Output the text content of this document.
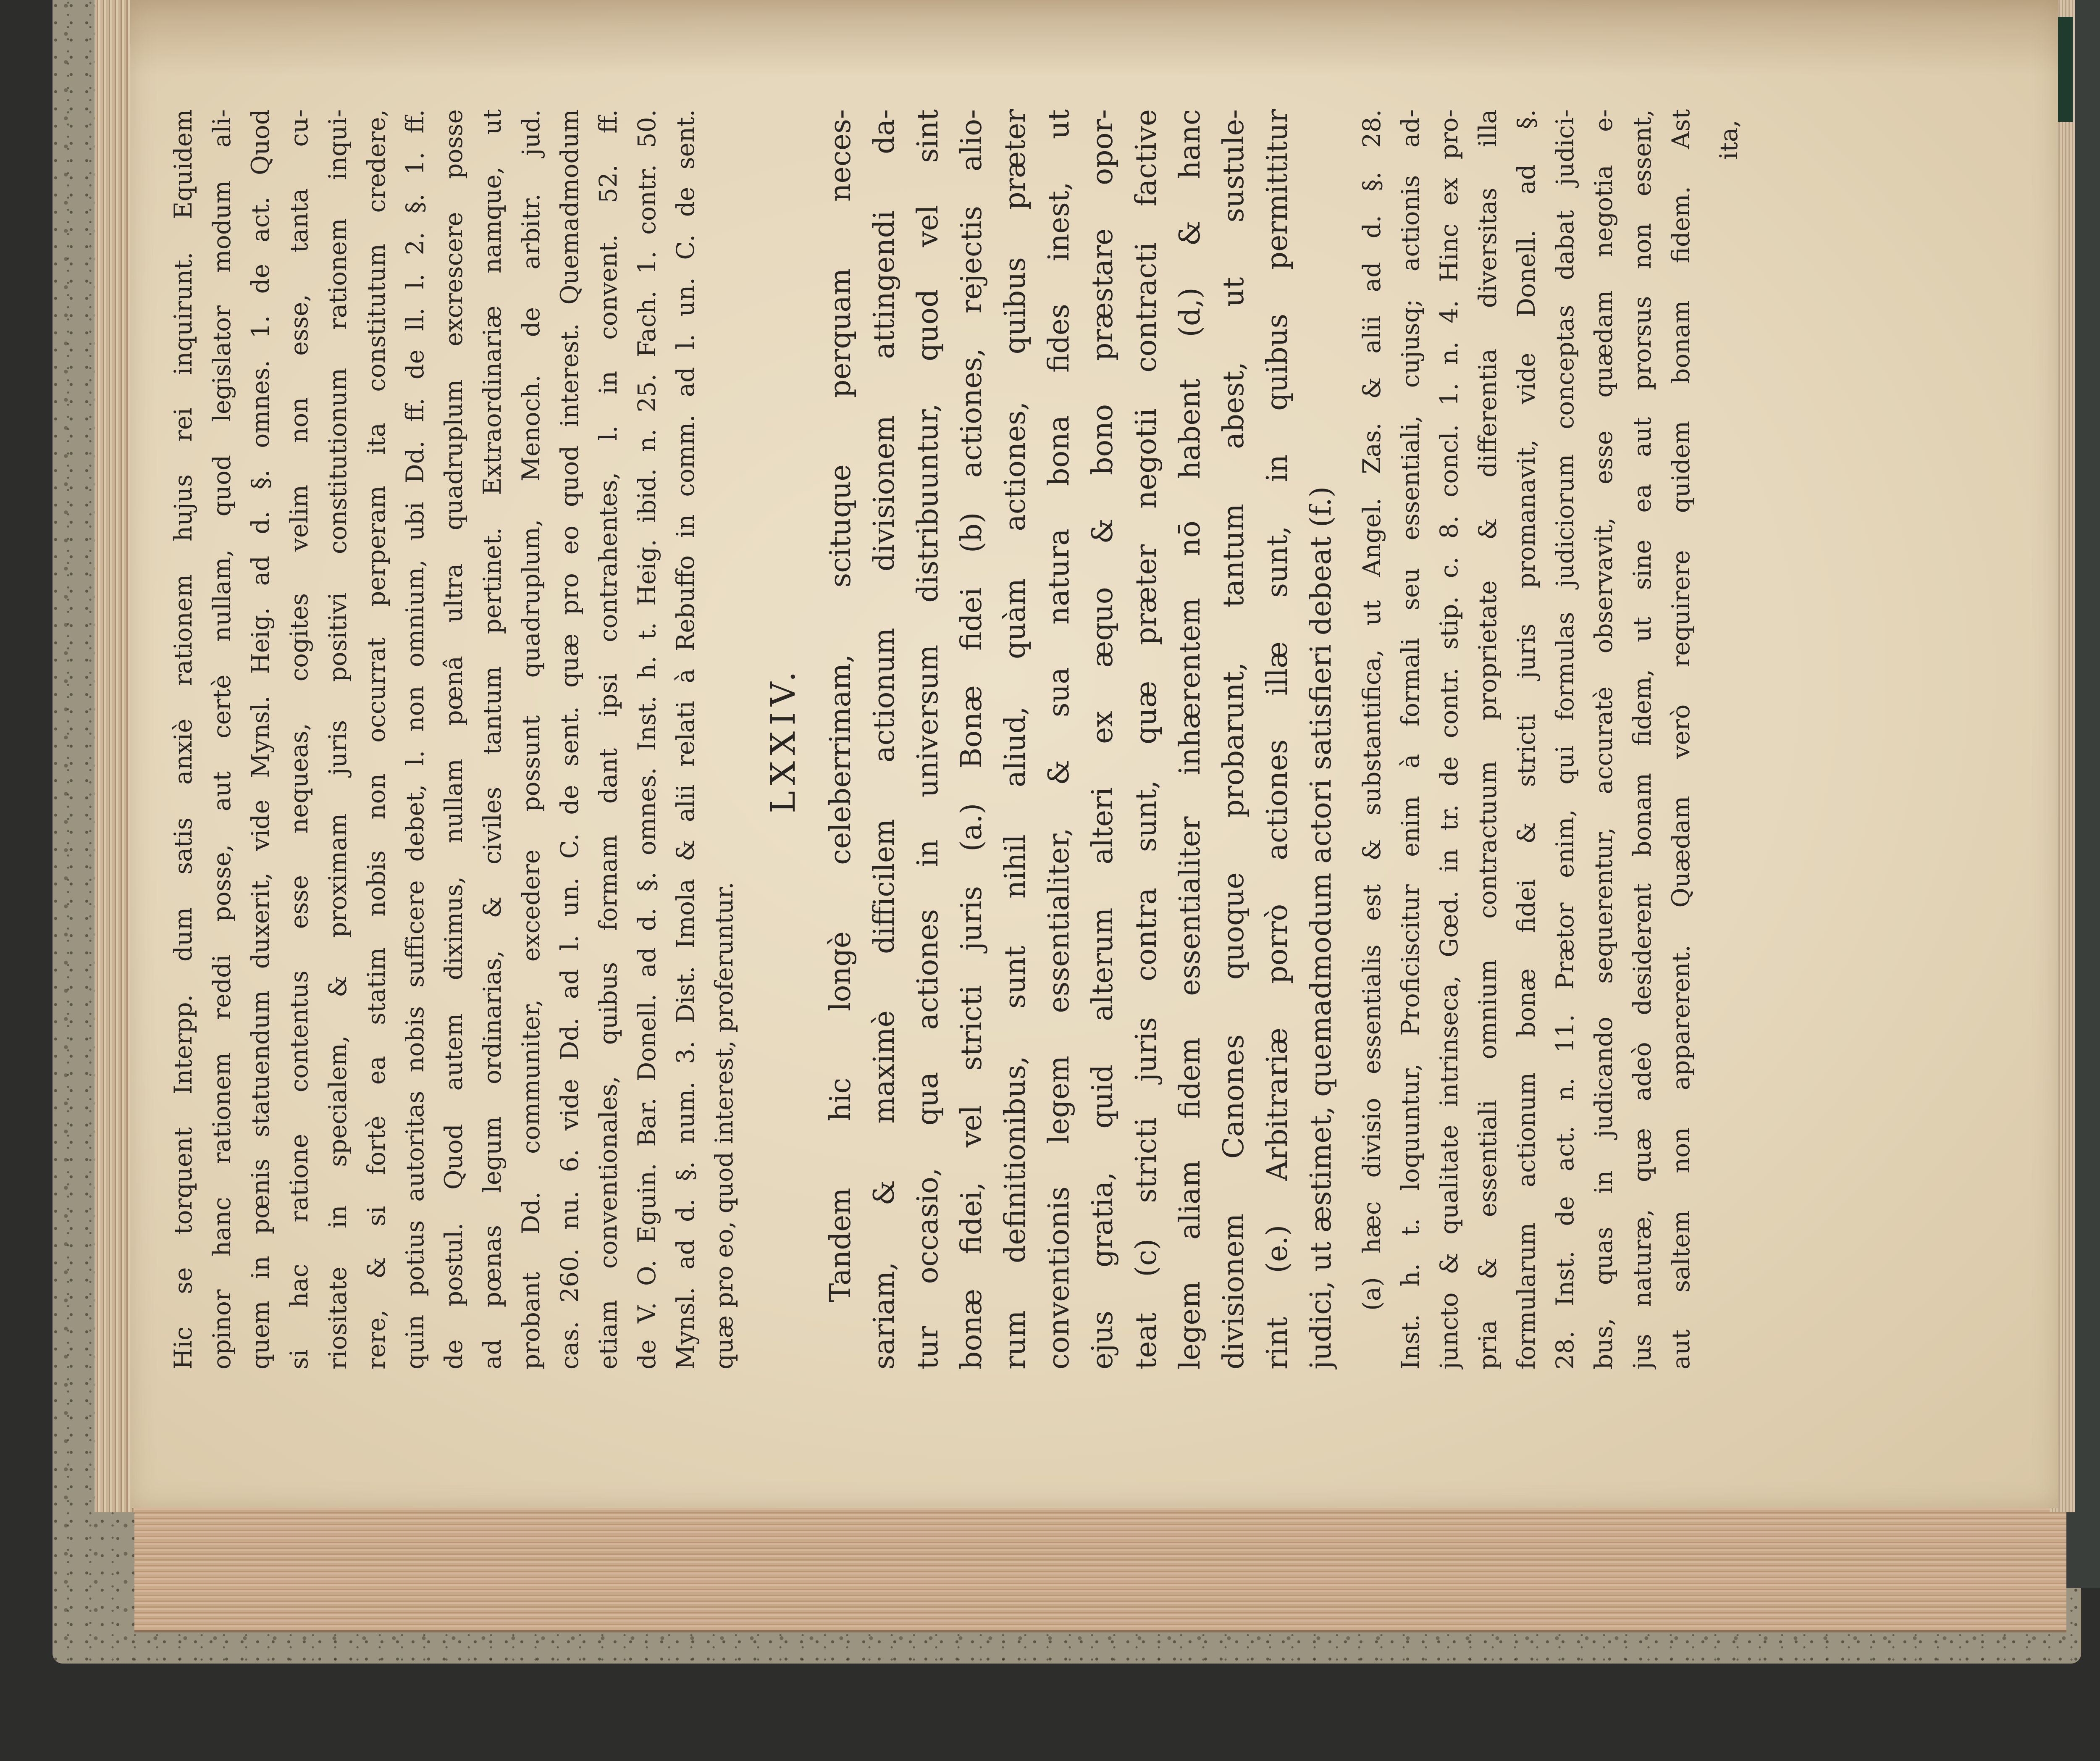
Hic se torquent Interpp. dum satis anxiè rationem hujus rei inquirunt. Equidem opinor hanc rationem reddi posse, aut certè nullam, quod legislator modum ali- quem in pœnis statuendum duxerit, vide Mynsl. Heig. ad d. §. omnes. 1. de act. Quod si hac ratione contentus esse nequeas, cogites velim non esse, tanta cu- riositate in specialem, & proximam juris positivi constitutionum rationem inqui- rere, & si fortè ea statim nobis non occurrat perperam ita constitutum credere, quin potius autoritas nobis sufficere debet, l. non omnium, ubi Dd. ff. de ll. l. 2. §. 1. ff. de postul. Quod autem diximus, nullam pœnâ ultra quadruplum excrescere posse ad pœnas legum ordinarias, & civiles tantum pertinet. Extraordinariæ namque, ut probant Dd. communiter, excedere possunt quadruplum, Menoch. de arbitr. jud. cas. 260. nu. 6. vide Dd. ad l. un. C. de sent. quæ pro eo quod interest. Quemadmodum etiam conventionales, quibus formam dant ipsi contrahentes, l. in convent. 52. ff. de V. O. Eguin. Bar. Donell. ad d. §. omnes. Inst. h. t. Heig. ibid. n. 25. Fach. 1. contr. 50. Mynsl. ad d. §. num. 3. Dist. Imola & alii relati à Rebuffo in comm. ad l. un. C. de sent. quæ pro eo, quod interest, proferuntur.
LXXIV. Tandem hic longè celeberrimam, scituque perquam neces- sariam, & maximè difficilem actionum divisionem attingendi da- tur occasio, qua actiones in universum distribuuntur, quod vel sint bonæ fidei, vel stricti juris (a.) Bonæ fidei (b) actiones, rejectis alio- rum definitionibus, sunt nihil aliud, quàm actiones, quibus præter conventionis legem essentialiter, & sua natura bona fides inest, ut ejus gratia, quid alterum alteri ex æquo & bono præstare opor- teat (c) stricti juris contra sunt, quæ præter negotii contracti factive legem aliam fidem essentialiter inhærentem nō habent (d,) & hanc divisionem Canones quoque probarunt, tantum abest, ut sustule- rint (e.) Arbitrariæ porrò actiones illæ sunt, in quibus permittitur judici, ut æstimet, quemadmodum actori satisfieri debeat (f.) (a) hæc divisio essentialis est & substantifica, ut Angel. Zas. & alii ad d. §. 28. Inst. h. t. loquuntur, Proficiscitur enim à formali seu essentiali, cujusq; actionis ad- juncto & qualitate intrinseca, Gœd. in tr. de contr. stip. c. 8. concl. 1. n. 4. Hinc ex pro- pria & essentiali omnium contractuum proprietate & differentia diversitas illa formularum actionum bonæ fidei & stricti juris promanavit, vide Donell. ad §. 28. Inst. de act. n. 11. Prætor enim, qui formulas judiciorum conceptas dabat judici- bus, quas in judicando sequerentur, accuratè observavit, esse quædam negotia e- jus naturæ, quæ adeò desiderent bonam fidem, ut sine ea aut prorsus non essent, aut saltem non apparerent. Quædam verò requirere quidem bonam fidem. Ast ita,
